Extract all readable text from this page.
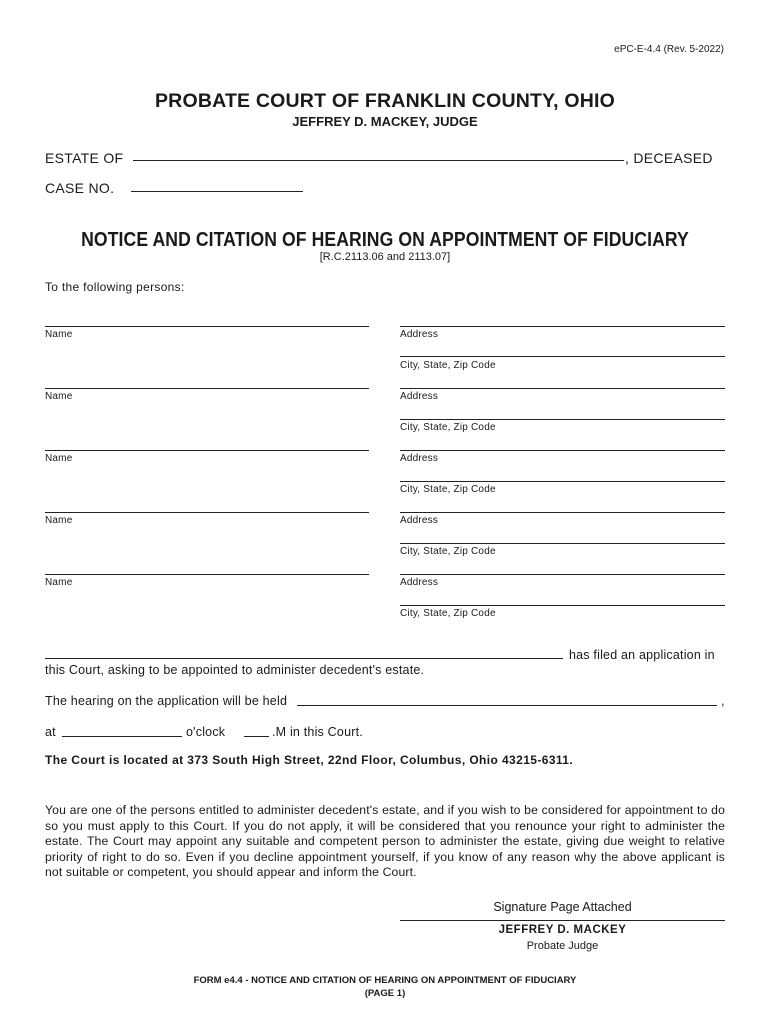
ePC-E-4.4 (Rev. 5-2022)
PROBATE COURT OF FRANKLIN COUNTY, OHIO
JEFFREY D. MACKEY, JUDGE
ESTATE OF	, DECEASED
CASE NO.
NOTICE AND CITATION OF HEARING ON APPOINTMENT OF FIDUCIARY
[R.C.2113.06 and 2113.07]
To the following persons:
Name	Address
City, State, Zip Code
Name	Address
City, State, Zip Code
Name	Address
City, State, Zip Code
Name	Address
City, State, Zip Code
Name	Address
City, State, Zip Code
has filed an application in
this Court, asking to be appointed to administer decedent's estate.
The hearing on the application will be held	,
at	o'clock	.M in this Court.
The Court is located at 373 South High Street, 22nd Floor, Columbus, Ohio 43215-6311.
You are one of the persons entitled to administer decedent's estate, and if you wish to be considered for appointment to do so you must apply to this Court. If you do not apply, it will be considered that you renounce your right to administer the estate. The Court may appoint any suitable and competent person to administer the estate, giving due weight to relative priority of right to do so. Even if you decline appointment yourself, if you know of any reason why the above applicant is not suitable or competent, you should appear and inform the Court.
Signature Page Attached
JEFFREY D. MACKEY
Probate Judge
FORM e4.4 - NOTICE AND CITATION OF HEARING ON APPOINTMENT OF FIDUCIARY
(PAGE 1)
